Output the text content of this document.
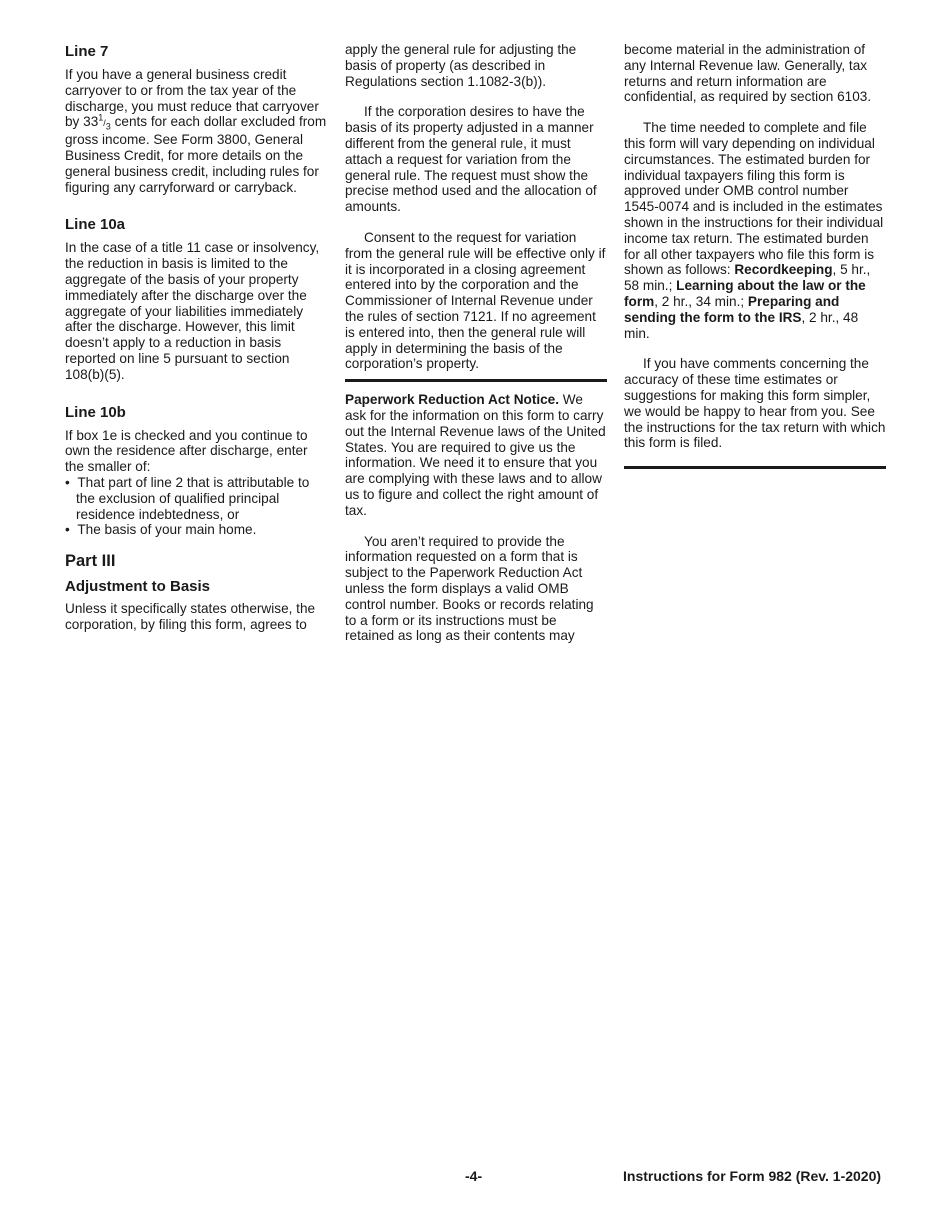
Line 7

If you have a general business credit carryover to or from the tax year of the discharge, you must reduce that carryover by $33^1/_3$ cents for each dollar excluded from gross income. See Form 3800, General Business Credit, for more details on the general business credit, including rules for figuring any carryforward or carryback.

Line 10a

In the case of a title 11 case or insolvency, the reduction in basis is limited to the aggregate of the basis of your property immediately after the discharge over the aggregate of your liabilities immediately after the discharge. However, this limit doesn’t apply to a reduction in basis reported on line 5 pursuant to section 108(b)(5).

Line 10b

If box 1e is checked and you continue to own the residence after discharge, enter the smaller of:

•  That part of line 2 that is attributable to the exclusion of qualified principal residence indebtedness, or

•  The basis of your main home.

Part III
Adjustment to Basis

Unless it specifically states otherwise, the corporation, by filing this form, agrees to

apply the general rule for adjusting the basis of property (as described in Regulations section 1.1082-3(b)).

If the corporation desires to have the basis of its property adjusted in a manner different from the general rule, it must attach a request for variation from the general rule. The request must show the precise method used and the allocation of amounts.

Consent to the request for variation from the general rule will be effective only if it is incorporated in a closing agreement entered into by the corporation and the Commissioner of Internal Revenue under the rules of section 7121. If no agreement is entered into, then the general rule will apply in determining the basis of the corporation’s property.

Paperwork Reduction Act Notice. We ask for the information on this form to carry out the Internal Revenue laws of the United States. You are required to give us the information. We need it to ensure that you are complying with these laws and to allow us to figure and collect the right amount of tax.

You aren’t required to provide the information requested on a form that is subject to the Paperwork Reduction Act unless the form displays a valid OMB control number. Books or records relating to a form or its instructions must be retained as long as their contents may

become material in the administration of any Internal Revenue law. Generally, tax returns and return information are confidential, as required by section 6103.

The time needed to complete and file this form will vary depending on individual circumstances. The estimated burden for individual taxpayers filing this form is approved under OMB control number 1545-0074 and is included in the estimates shown in the instructions for their individual income tax return. The estimated burden for all other taxpayers who file this form is shown as follows: Recordkeeping, 5 hr., 58 min.; Learning about the law or the form, 2 hr., 34 min.; Preparing and sending the form to the IRS, 2 hr., 48 min.

If you have comments concerning the accuracy of these time estimates or suggestions for making this form simpler, we would be happy to hear from you. See the instructions for the tax return with which this form is filed.

-4-	Instructions for Form 982 (Rev. 1-2020)
